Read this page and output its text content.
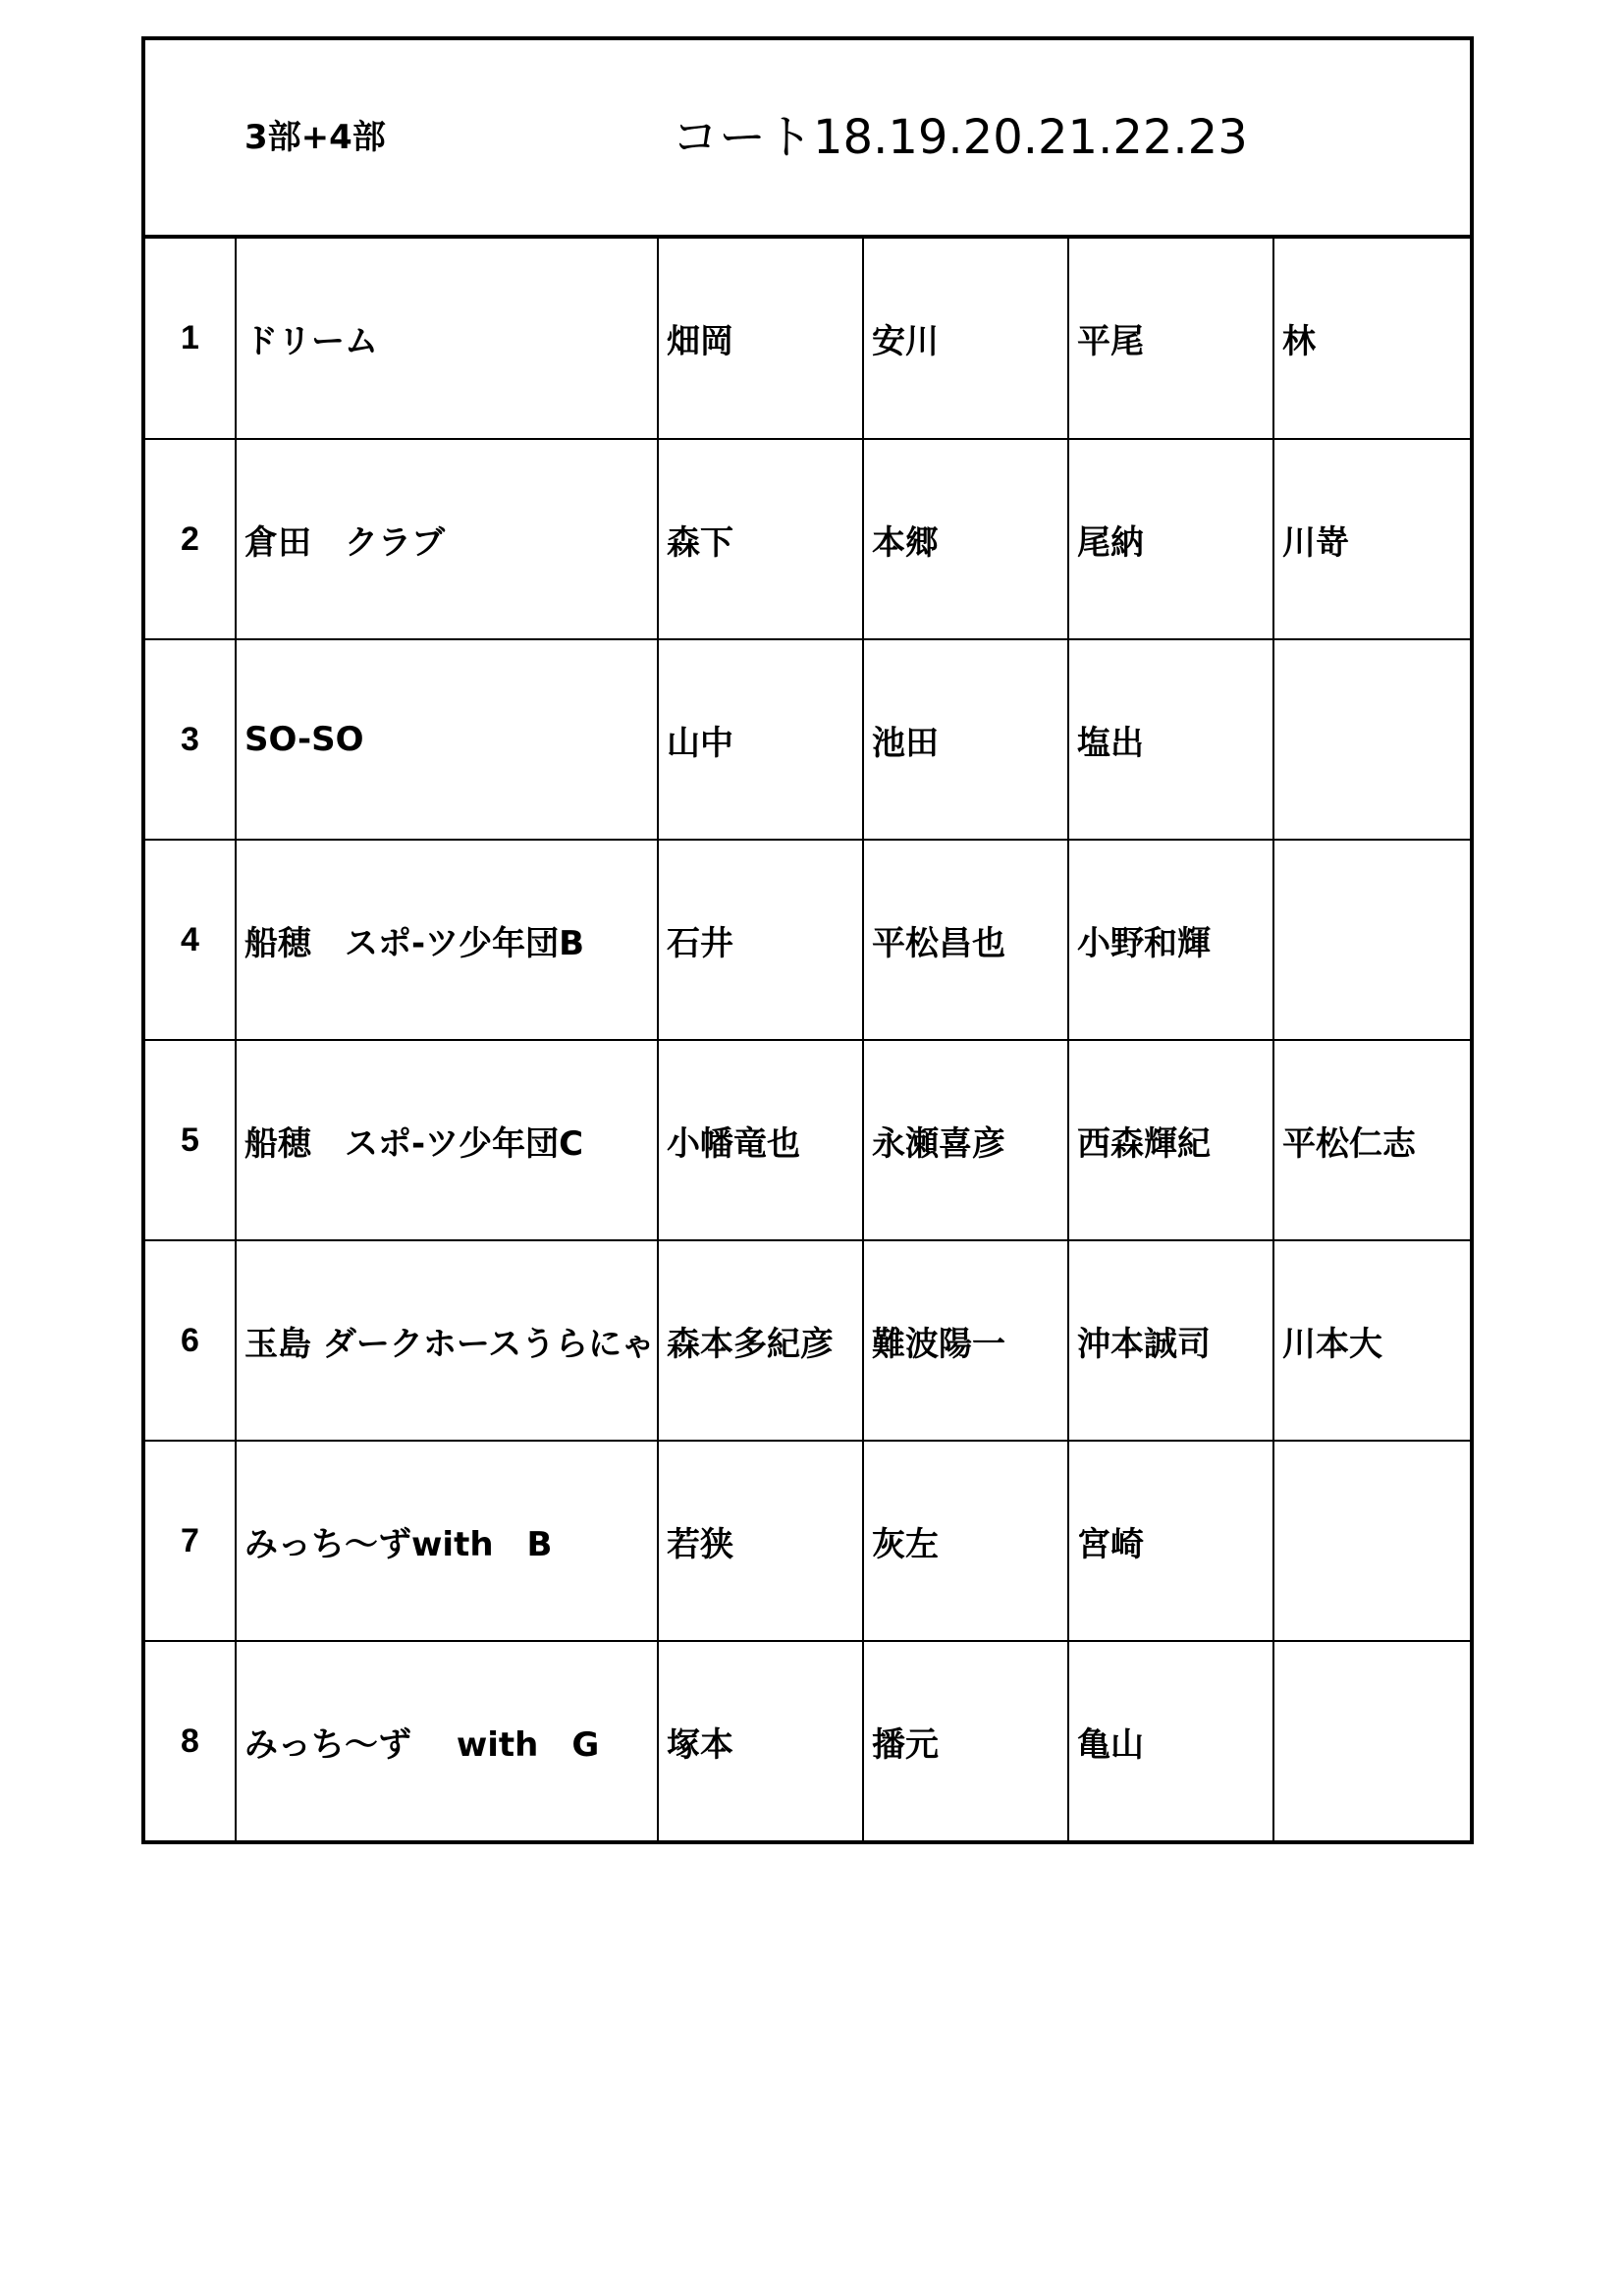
3部+4部	コート18.19.20.21.22.23
1	ドリーム	畑岡	安川	平尾	林
2	倉田　クラブ	森下	本郷	尾納	川嵜
3	SO-SO	山中	池田	塩出	
4	船穂　スポ-ツ少年団B	石井	平松昌也	小野和輝	
5	船穂　スポ-ツ少年団C	小幡竜也	永瀬喜彦	西森輝紀	平松仁志
6	玉島 ダークホースうらにゃ	森本多紀彦	難波陽一	沖本誠司	川本大
7	みっち～ずwith　B	若狭	灰左	宮崎	
8	みっち～ず　 with　G	塚本	播元	亀山	
